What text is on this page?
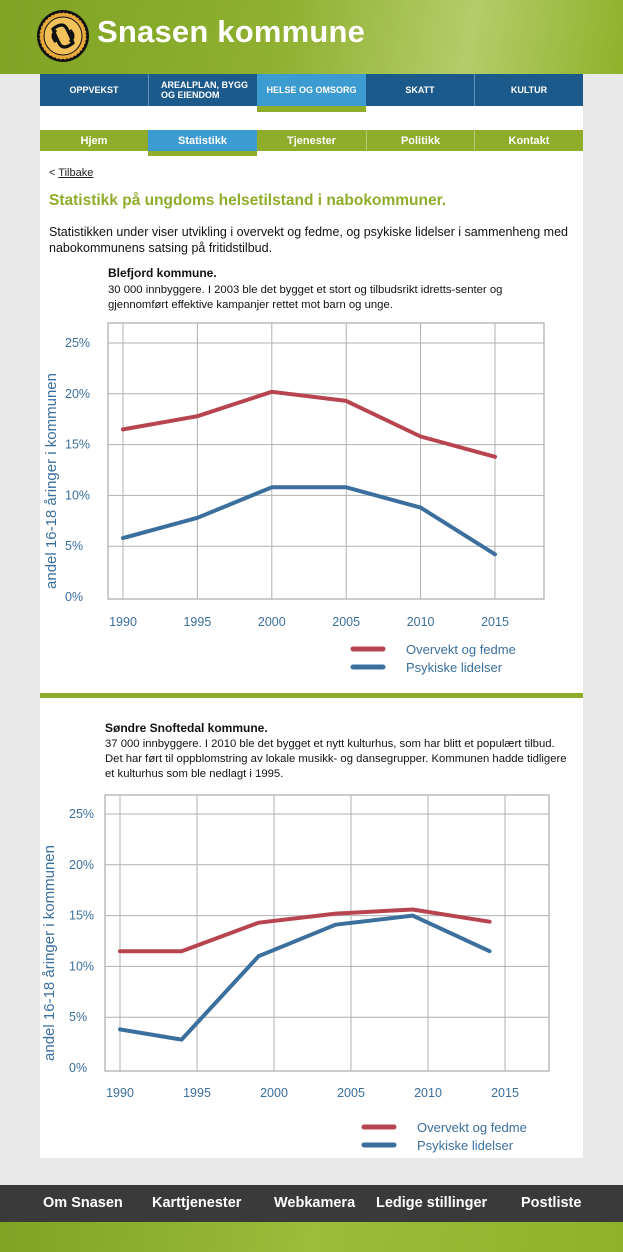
Snasen kommune
OPPVEKST	AREALPLAN, BYGG OG EIENDOM	HELSE OG OMSORG	SKATT	KULTUR
Hjem	Statistikk	Tjenester	Politikk	Kontakt
< Tilbake
Statistikk på ungdoms helsetilstand i nabokommuner.
Statistikken under viser utvikling i overvekt og fedme, og psykiske lidelser i sammenheng med nabokommunens satsing på fritidstilbud.
Blefjord kommune.
30 000 innbyggere. I 2003 ble det bygget et stort og tilbudsrikt idretts-senter og gjennomført effektive kampanjer rettet mot barn og unge.
0%
5%
10%
15%
20%
25%
1990	1995	2000	2005	2010	2015
andel 16-18 åringer i kommunen
Overvekt og fedme
Psykiske lidelser
Søndre Snoftedal kommune.
37 000 innbyggere. I 2010 ble det bygget et nytt kulturhus, som har blitt et populært tilbud. Det har ført til oppblomstring av lokale musikk- og dansegrupper. Kommunen hadde tidligere et kulturhus som ble nedlagt i 1995.
0%
5%
10%
15%
20%
25%
1990	1995	2000	2005	2010	2015
andel 16-18 åringer i kommunen
Overvekt og fedme
Psykiske lidelser
Om Snasen Karttjenester Webkamera Ledige stillinger Postliste
